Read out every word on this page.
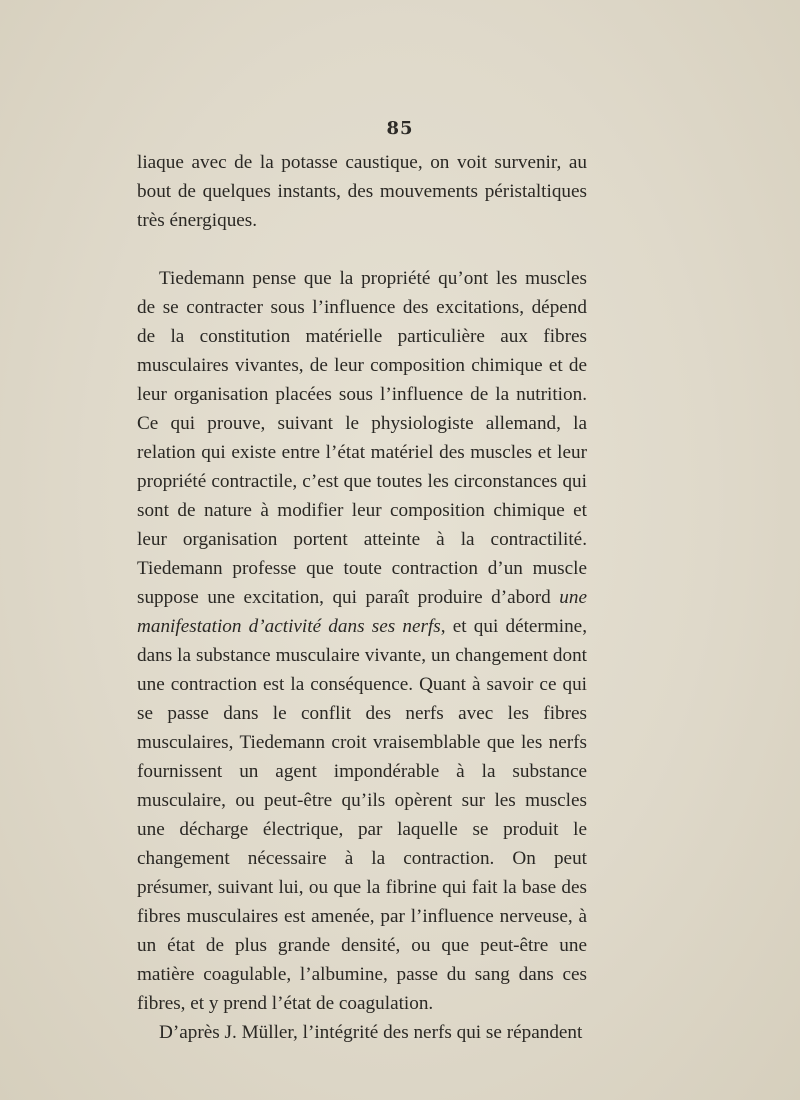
85

liaque avec de la potasse caustique, on voit survenir, au bout de quelques instants, des mouvements péristaltiques très énergiques.

Tiedemann pense que la propriété qu’ont les muscles de se contracter sous l’influence des excitations, dépend de la constitution matérielle particulière aux fibres musculaires vivantes, de leur composition chimique et de leur organisation placées sous l’influence de la nutrition. Ce qui prouve, suivant le physiologiste allemand, la relation qui existe entre l’état matériel des muscles et leur propriété contractile, c’est que toutes les circonstances qui sont de nature à modifier leur composition chimique et leur organisation portent atteinte à la contractilité. Tiedemann professe que toute contraction d’un muscle suppose une excitation, qui paraît produire d’abord une manifestation d’activité dans ses nerfs, et qui détermine, dans la substance musculaire vivante, un changement dont une contraction est la conséquence. Quant à savoir ce qui se passe dans le conflit des nerfs avec les fibres musculaires, Tiedemann croit vraisemblable que les nerfs fournissent un agent impondérable à la substance musculaire, ou peut-être qu’ils opèrent sur les muscles une décharge électrique, par laquelle se produit le changement nécessaire à la contraction. On peut présumer, suivant lui, ou que la fibrine qui fait la base des fibres musculaires est amenée, par l’influence nerveuse, à un état de plus grande densité, ou que peut-être une matière coagulable, l’albumine, passe du sang dans ces fibres, et y prend l’état de coagulation.

D’après J. Müller, l’intégrité des nerfs qui se répandent
